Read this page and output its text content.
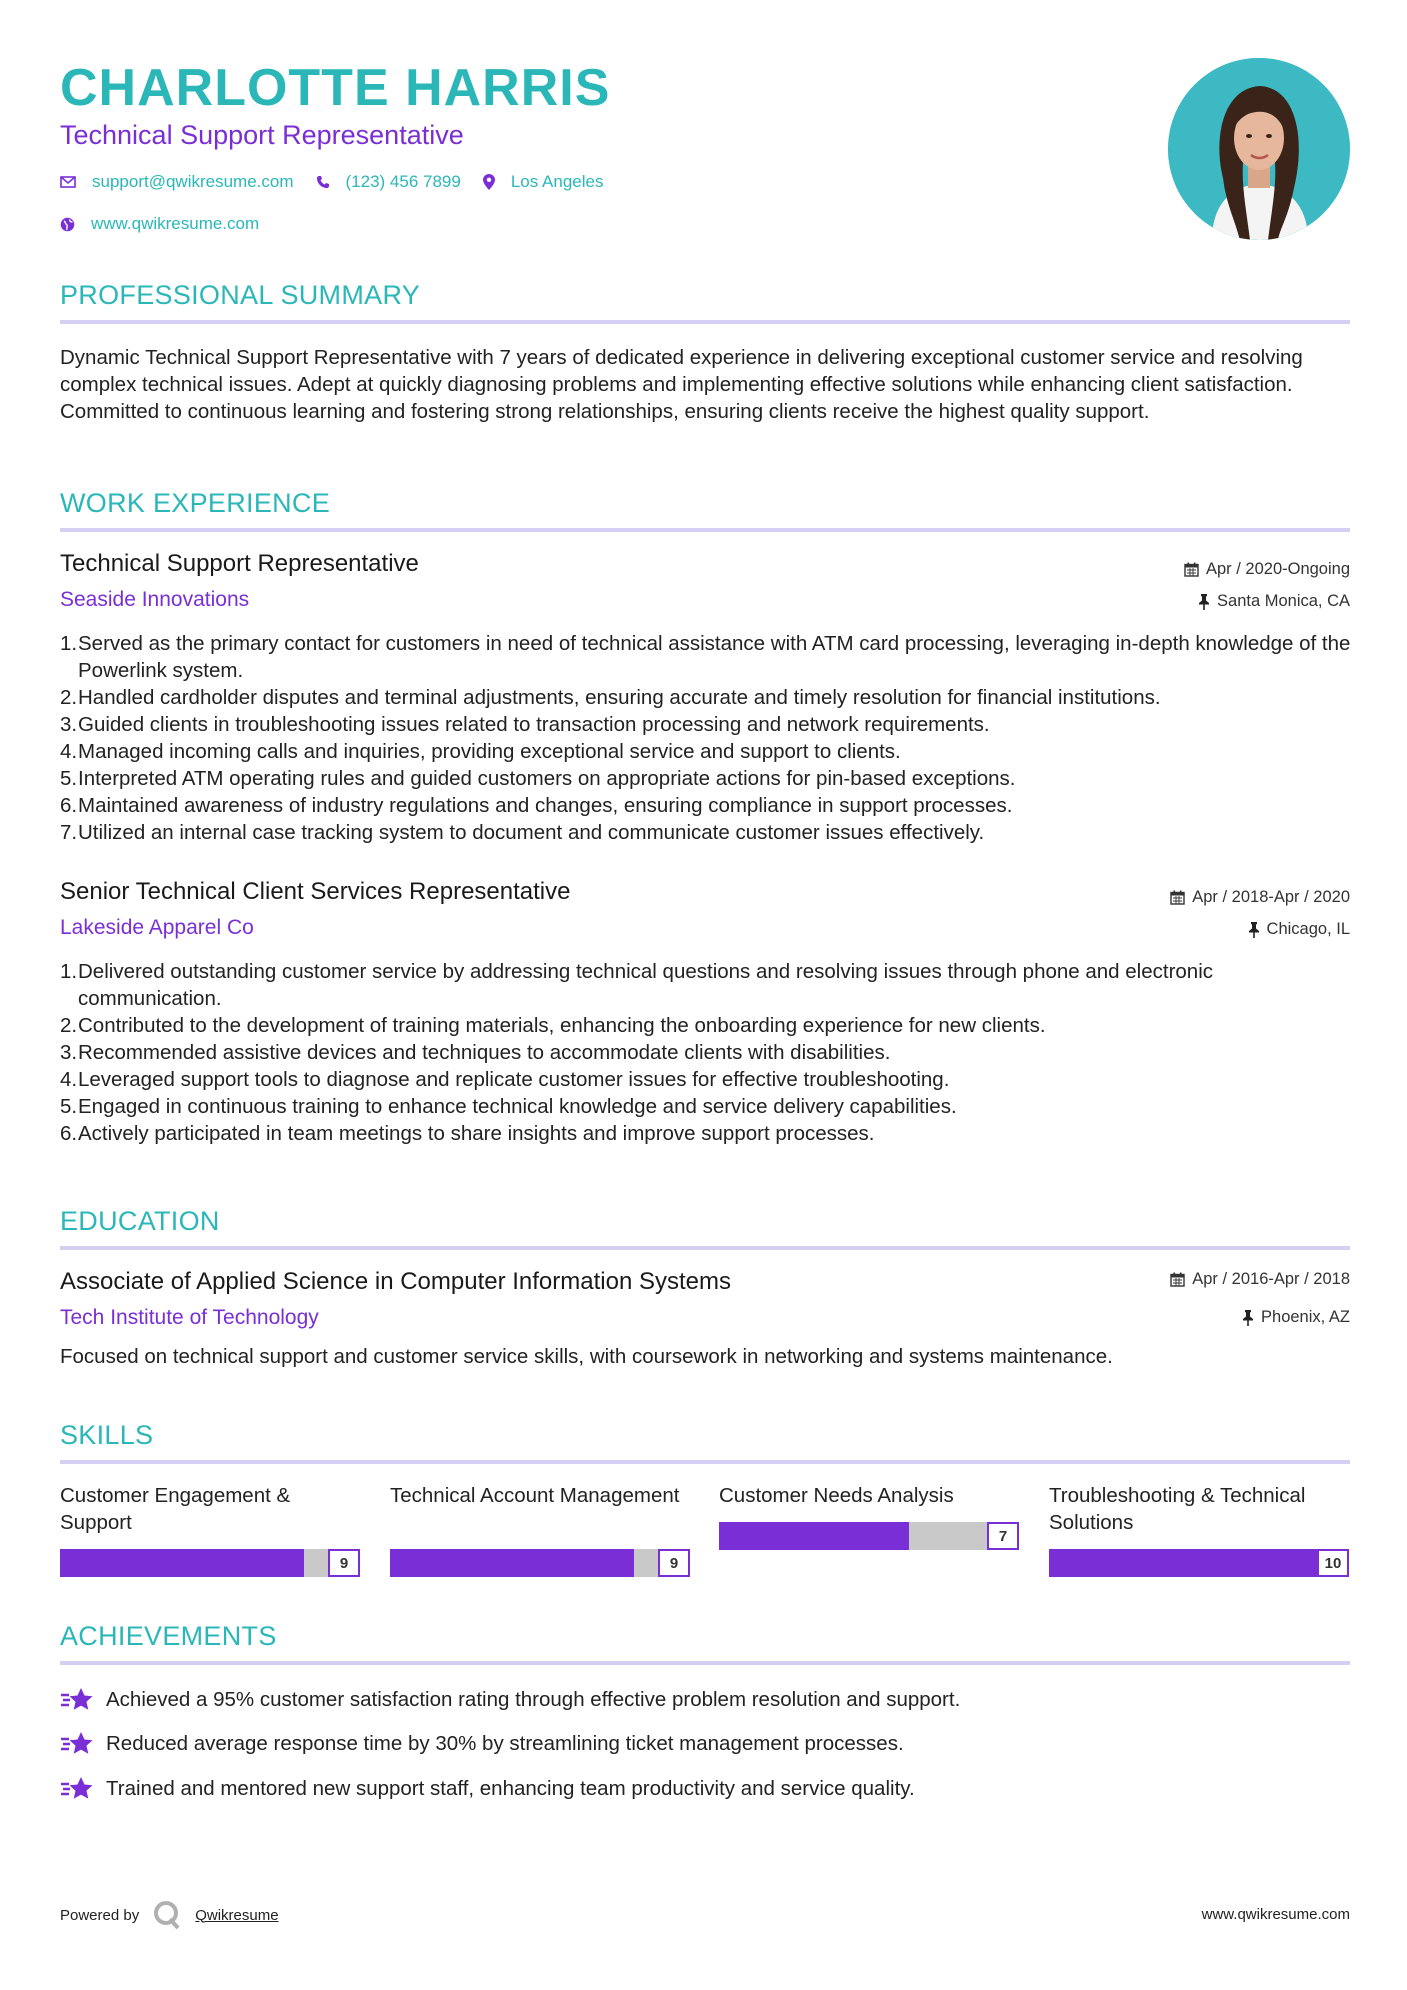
CHARLOTTE HARRIS
Technical Support Representative
support@qwikresume.com	(123) 456 7899	Los Angeles
www.qwikresume.com
PROFESSIONAL SUMMARY
Dynamic Technical Support Representative with 7 years of dedicated experience in delivering exceptional customer service and resolving complex technical issues. Adept at quickly diagnosing problems and implementing effective solutions while enhancing client satisfaction. Committed to continuous learning and fostering strong relationships, ensuring clients receive the highest quality support.
WORK EXPERIENCE
Technical Support Representative
Seaside Innovations
Apr / 2020-Ongoing
Santa Monica, CA
1. Served as the primary contact for customers in need of technical assistance with ATM card processing, leveraging in-depth knowledge of the Powerlink system.
2. Handled cardholder disputes and terminal adjustments, ensuring accurate and timely resolution for financial institutions.
3. Guided clients in troubleshooting issues related to transaction processing and network requirements.
4. Managed incoming calls and inquiries, providing exceptional service and support to clients.
5. Interpreted ATM operating rules and guided customers on appropriate actions for pin-based exceptions.
6. Maintained awareness of industry regulations and changes, ensuring compliance in support processes.
7. Utilized an internal case tracking system to document and communicate customer issues effectively.
Senior Technical Client Services Representative
Lakeside Apparel Co
Apr / 2018-Apr / 2020
Chicago, IL
1. Delivered outstanding customer service by addressing technical questions and resolving issues through phone and electronic communication.
2. Contributed to the development of training materials, enhancing the onboarding experience for new clients.
3. Recommended assistive devices and techniques to accommodate clients with disabilities.
4. Leveraged support tools to diagnose and replicate customer issues for effective troubleshooting.
5. Engaged in continuous training to enhance technical knowledge and service delivery capabilities.
6. Actively participated in team meetings to share insights and improve support processes.
EDUCATION
Associate of Applied Science in Computer Information Systems
Tech Institute of Technology
Apr / 2016-Apr / 2018
Phoenix, AZ
Focused on technical support and customer service skills, with coursework in networking and systems maintenance.
SKILLS
Customer Engagement & Support
9
Technical Account Management
9
Customer Needs Analysis
7
Troubleshooting & Technical Solutions
10
ACHIEVEMENTS
Achieved a 95% customer satisfaction rating through effective problem resolution and support.
Reduced average response time by 30% by streamlining ticket management processes.
Trained and mentored new support staff, enhancing team productivity and service quality.
Powered by	Qwikresume	www.qwikresume.com
